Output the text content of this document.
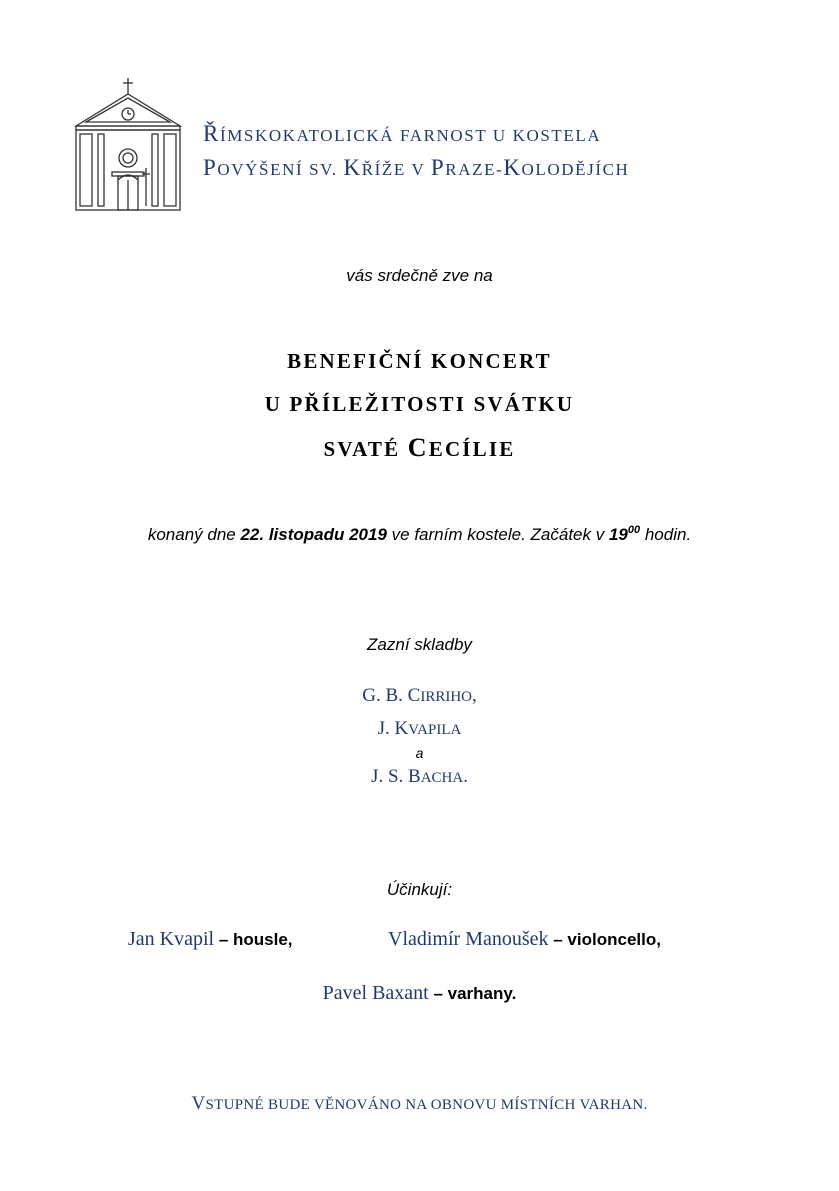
ŘÍMSKOKATOLICKÁ FARNOST U KOSTELA
POVÝŠENÍ SV. KŘÍŽE V PRAZE-KOLODĚJÍCH
vás srdečně zve na
BENEFIČNÍ KONCERT
U PŘÍLEŽITOSTI SVÁTKU
SVATÉ CECÍLIE
konaný dne 22. listopadu 2019 ve farním kostele. Začátek v $19^{00}$ hodin.
Zazní skladby
G. B. CIRRIHO,
J. KVAPILA
a
J. S. BACHA.
Účinkují:
Jan Kvapil – housle,	Vladimír Manoušek – violoncello,
Pavel Baxant – varhany.
VSTUPNÉ BUDE VĚNOVÁNO NA OBNOVU MÍSTNÍCH VARHAN.
